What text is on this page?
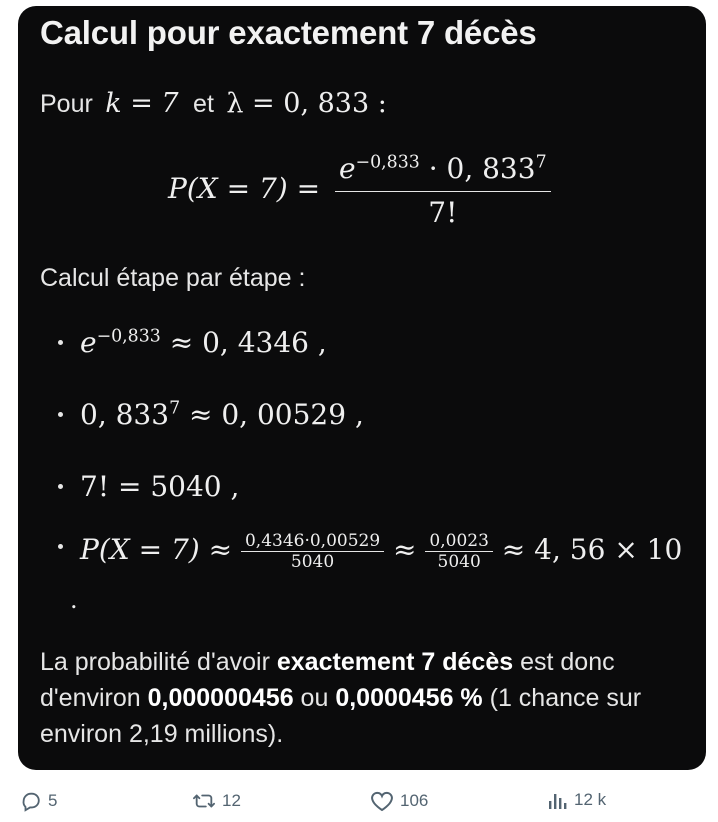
Calcul pour exactement 7 décès
Pour k = 7 et λ = 0, 833 :
$P(X = 7) = \frac{e^{-0,833} \cdot 0, 833^7}{7!}$
Calcul étape par étape :
$e^{-0,833} \approx 0$, 4346 ,
0, $833^7 \approx 0$, 00529 ,
7! = 5040 ,
$P(X = 7) \approx \frac{0,4346\cdot 0,00529}{5040} \approx \frac{0,0023}{5040} \approx 4$, 56 × 10
.
La probabilité d'avoir exactement 7 décès est donc d'environ 0,000000456 ou 0,0000456 % (1 chance sur environ 2,19 millions).
5	12	106	12 k
